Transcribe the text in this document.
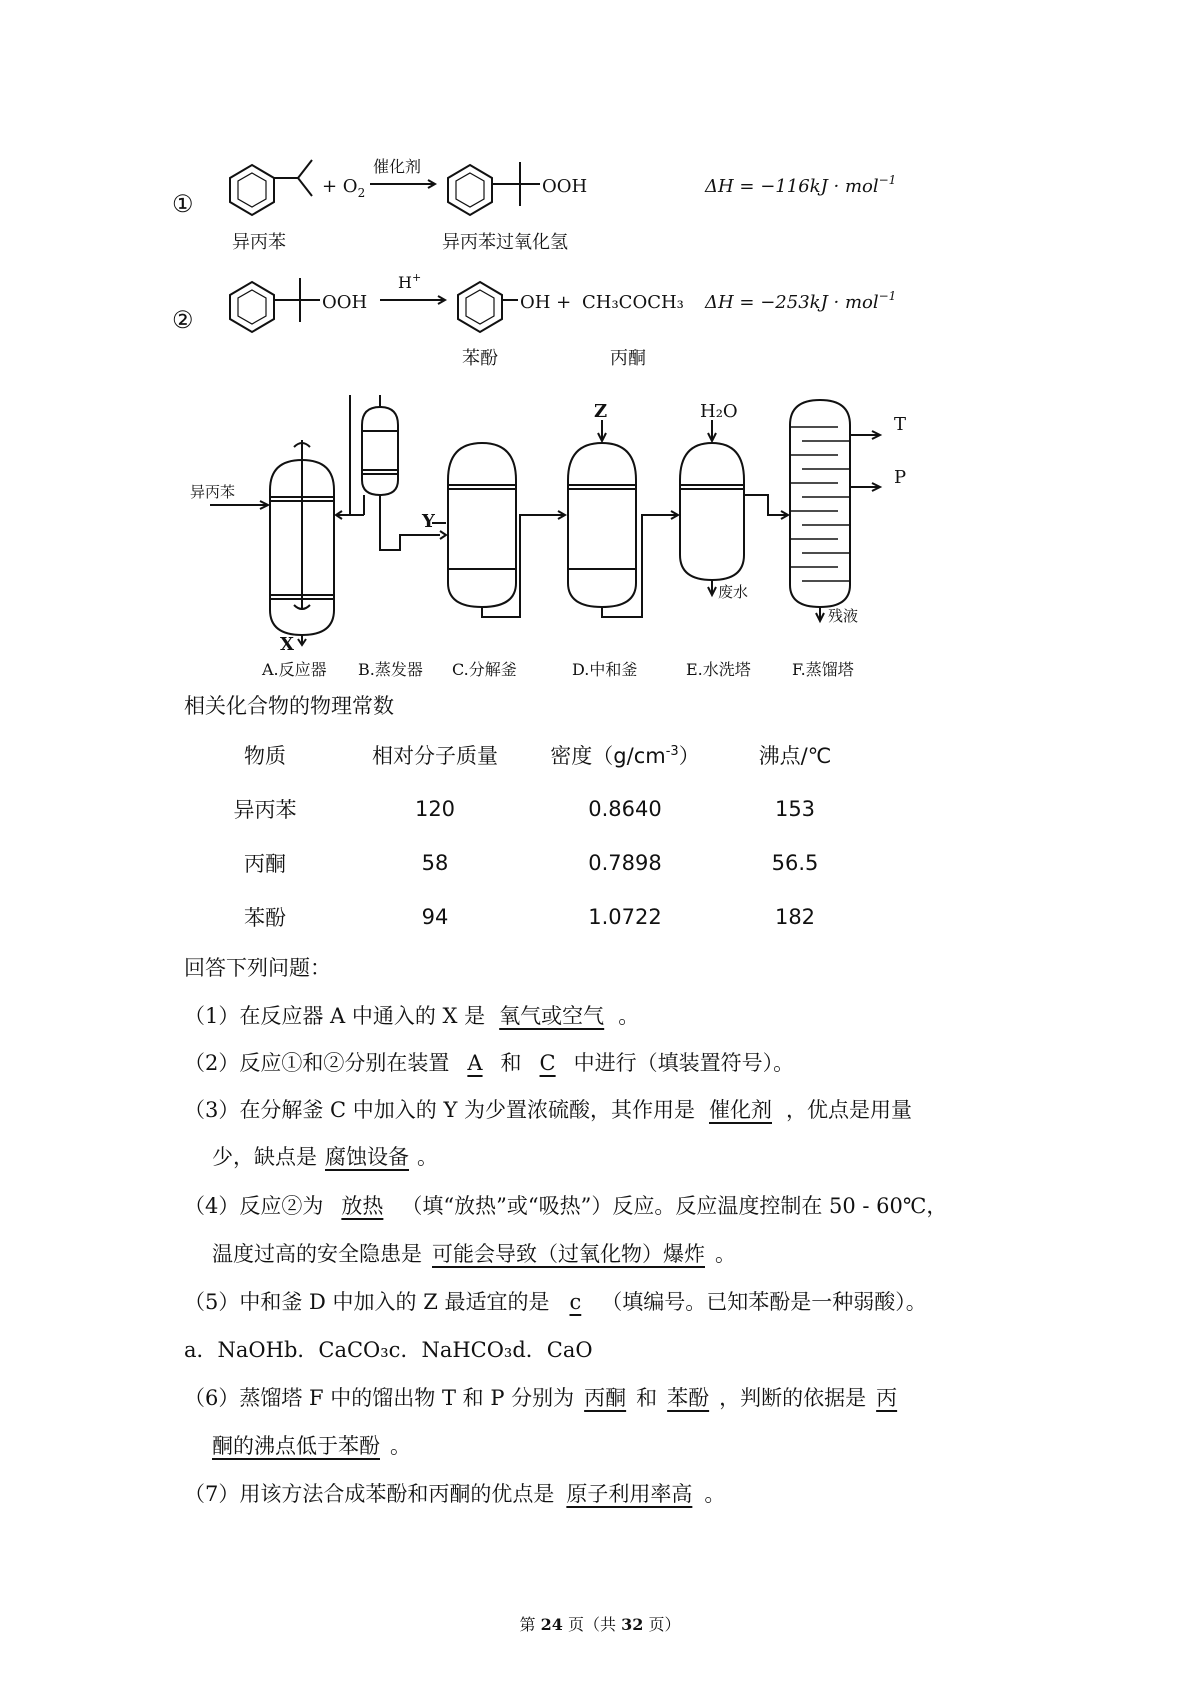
①
+ $O_2$
催化剂
OOH	ΔH = −116kJ · mol$^{-1}$
异丙苯	异丙苯过氧化氢
②
OOH
H+
OH + CH₃COCH₃ ΔH = −253kJ · mol$^{-1}$
苯酚	丙酮
异丙苯
X
Y
Z	H₂O
废水
残液
T
P
A.反应器 B.蒸发器 C.分解釜	D.中和釜	E.水洗塔	F.蒸馏塔
相关化合物的物理常数
物质	相对分子质量	密度$(g/cm^{-3})$	沸点/℃
异丙苯	120	0.8640	153
丙酮	58	0.7898	56.5
苯酚	94	1.0722	182
回答下列问题：
（1）在反应器 A 中通入的 X 是 氧气或空气 。
（2）反应①和②分别在装置 A 和 C 中进行（填装置符号）。
（3）在分解釜 C 中加入的 Y 为少置浓硫酸，其作用是 催化剂 ，优点是用量
少，缺点是 腐蚀设备 。
（4）反应②为 放热 （填“放热”或“吸热”）反应。反应温度控制在 50 - 60℃，
温度过高的安全隐患是 可能会导致（过氧化物）爆炸 。
（5）中和釜 D 中加入的 Z 最适宜的是 c （填编号。已知苯酚是一种弱酸）。
a．NaOHb．CaCO₃c．NaHCO₃d．CaO
（6）蒸馏塔 F 中的馏出物 T 和 P 分别为 丙酮 和 苯酚 ，判断的依据是 丙
酮的沸点低于苯酚 。
（7）用该方法合成苯酚和丙酮的优点是 原子利用率高 。
第 24 页（共 32 页）
